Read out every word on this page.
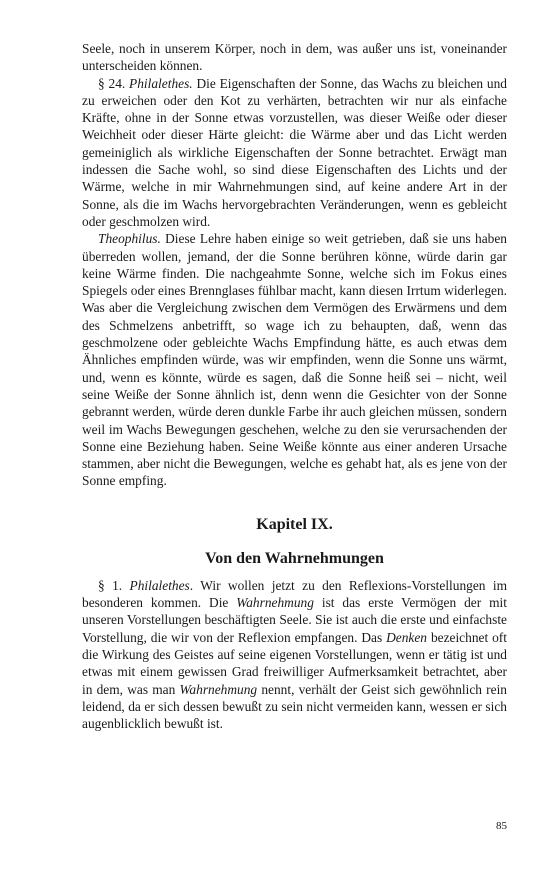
Seele, noch in unserem Körper, noch in dem, was außer uns ist, voneinander unterscheiden können.

§ 24. Philalethes. Die Eigenschaften der Sonne, das Wachs zu bleichen und zu erweichen oder den Kot zu verhärten, betrachten wir nur als einfache Kräfte, ohne in der Sonne etwas vorzustellen, was dieser Weiße oder dieser Weichheit oder dieser Härte gleicht: die Wärme aber und das Licht werden gemeiniglich als wirkliche Eigenschaften der Sonne betrachtet. Erwägt man indessen die Sache wohl, so sind diese Eigenschaften des Lichts und der Wärme, welche in mir Wahrnehmungen sind, auf keine andere Art in der Sonne, als die im Wachs hervorgebrachten Veränderungen, wenn es gebleicht oder geschmolzen wird.

Theophilus. Diese Lehre haben einige so weit getrieben, daß sie uns haben überreden wollen, jemand, der die Sonne berühren könne, würde darin gar keine Wärme finden. Die nachgeahmte Sonne, welche sich im Fokus eines Spiegels oder eines Brennglases fühlbar macht, kann diesen Irrtum widerlegen. Was aber die Vergleichung zwischen dem Vermögen des Erwärmens und dem des Schmelzens anbetrifft, so wage ich zu behaupten, daß, wenn das geschmolzene oder gebleichte Wachs Empfindung hätte, es auch etwas dem Ähnliches empfinden würde, was wir empfinden, wenn die Sonne uns wärmt, und, wenn es könnte, würde es sagen, daß die Sonne heiß sei – nicht, weil seine Weiße der Sonne ähnlich ist, denn wenn die Gesichter von der Sonne gebrannt werden, würde deren dunkle Farbe ihr auch gleichen müssen, sondern weil im Wachs Bewegungen geschehen, welche zu den sie verursachenden der Sonne eine Beziehung haben. Seine Weiße könnte aus einer anderen Ursache stammen, aber nicht die Bewegungen, welche es gehabt hat, als es jene von der Sonne empfing.

Kapitel IX.
Von den Wahrnehmungen

§ 1. Philalethes. Wir wollen jetzt zu den Reflexions-Vorstellungen im besonderen kommen. Die Wahrnehmung ist das erste Vermögen der mit unseren Vorstellungen beschäftigten Seele. Sie ist auch die erste und einfachste Vorstellung, die wir von der Reflexion empfangen. Das Denken bezeichnet oft die Wirkung des Geistes auf seine eigenen Vorstellungen, wenn er tätig ist und etwas mit einem gewissen Grad freiwilliger Aufmerksamkeit betrachtet, aber in dem, was man Wahrnehmung nennt, verhält der Geist sich gewöhnlich rein leidend, da er sich dessen bewußt zu sein nicht vermeiden kann, wessen er sich augenblicklich bewußt ist.

85
